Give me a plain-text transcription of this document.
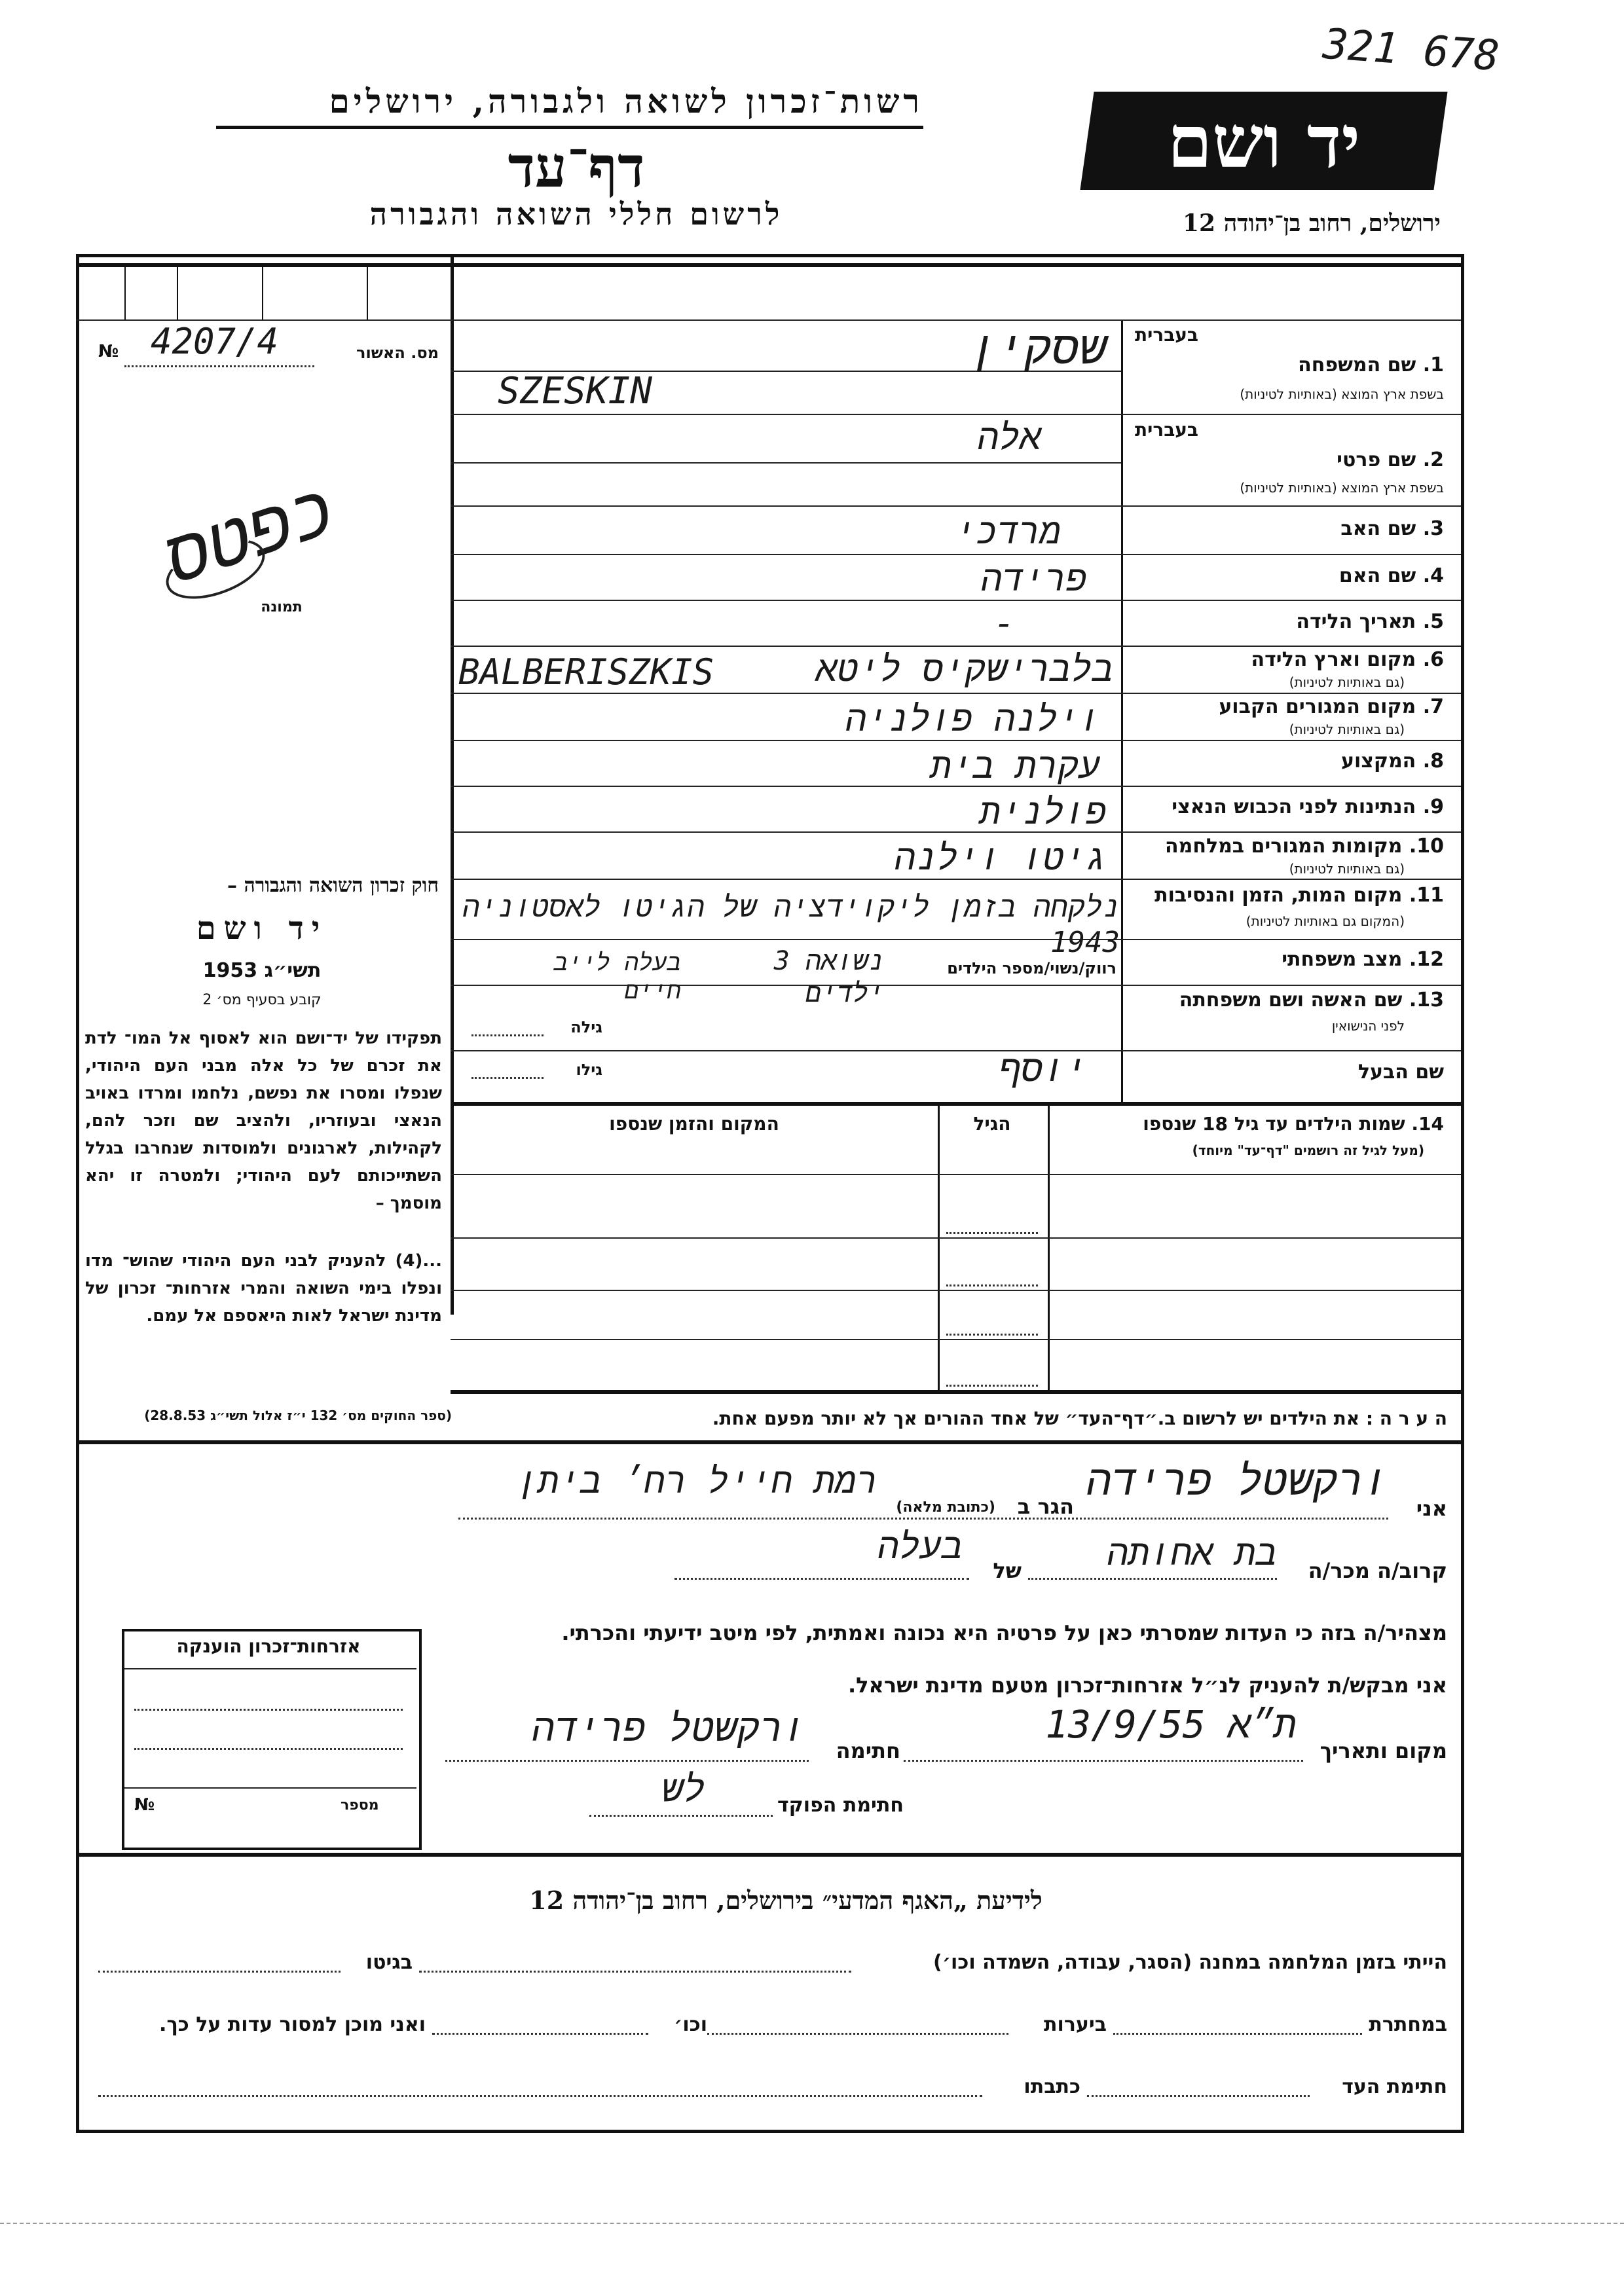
321 678
יד ושם
רשות־זכרון לשואה ולגבורה, ירושלים
דף־עד
לרשום חללי השואה והגבורה	ירושלים, רחוב בן־יהודה 12
מס. האשור
№ 4207/4
כפטס
תמונה
חוק זכרון השואה והגבורה –
יד ושם
תשי״ג 1953
קובע בסעיף מס׳ 2
תפקידו של יד־ושם הוא לאסוף אל המו־ לדת את זכרם של כל אלה מבני העם היהודי, שנפלו ומסרו את נפשם, נלחמו ומרדו באויב הנאצי ובעוזריו, ולהציב שם וזכר להם, לקהילות, לארגונים ולמוסדות שנחרבו בגלל השתייכותם לעם היהודי; ולמטרה זו יהא מוסמך –
...(4) להעניק לבני העם היהודי שהוש־ מדו ונפלו בימי השואה והמרי אזרחות־ זכרון של מדינת ישראל לאות היאספם אל עמם.
(ספר החוקים מס׳ 132 י״ז אלול תשי״ג 28.8.53)
בעברית
1. שם המשפחה
בשפת ארץ המוצא (באותיות לטיניות)
בעברית
2. שם פרטי
בשפת ארץ המוצא (באותיות לטיניות)
3. שם האב
4. שם האם
5. תאריך הלידה
6. מקום וארץ הלידה
(גם באותיות לטיניות)
7. מקום המגורים הקבוע
(גם באותיות לטיניות)
8. המקצוע
9. הנתינות לפני הכבוש הנאצי
10. מקומות המגורים במלחמה
(גם באותיות לטיניות)
11. מקום המות, הזמן והנסיבות
(המקום גם באותיות לטיניות)
12. מצב משפחתי
13. שם האשה ושם משפחתה
לפני הנישואין
שם הבעל
שסקין
SZESKIN
אלה
מרדכי
פרידה
-
בלברישקיס ליטא
BALBERISZKIS
וילנה פולניה
עקרת בית
פולנית
גיטו וילנה
נלקחה בזמן ליקוידציה של הגיטו לאסטוניה 1943
רווק/נשוי/מספר הילדים
נשואה 3 ילדים
בעלה לייב חיים
גילה
יוסף
גילו
14. שמות הילדים עד גיל 18 שנספו
(מעל לגיל זה רושמים "דף־עד" מיוחד)
הגיל
המקום והזמן שנספו
ה ע ר ה : את הילדים יש לרשום ב.״דף־העד״ של אחד ההורים אך לא יותר מפעם אחת.
אני
ורקשטל פרידה
הגר ב
(כתובת מלאה)
רמת חייל רח׳ ביתן
קרוב/ה מכר/ה
בת אחותה
של
בעלה
מצהיר/ה בזה כי העדות שמסרתי כאן על פרטיה היא נכונה ואמתית, לפי מיטב ידיעתי והכרתי.
אני מבקש/ת להעניק לנ״ל אזרחות־זכרון מטעם מדינת ישראל.
מקום ותאריך
ת״א 13/9/55
חתימה
ורקשטל פרידה
חתימת הפוקד
לש
אזרחות־זכרון הוענקה
מספר
№
לידיעת „האגף המדעי״ בירושלים, רחוב בן־יהודה 12
הייתי בזמן המלחמה במחנה (הסגר, עבודה, השמדה וכו׳)
בגיטו
במחתרת
ביערות
וכו׳
ואני מוכן למסור עדות על כך.
חתימת העד
כתבתו
